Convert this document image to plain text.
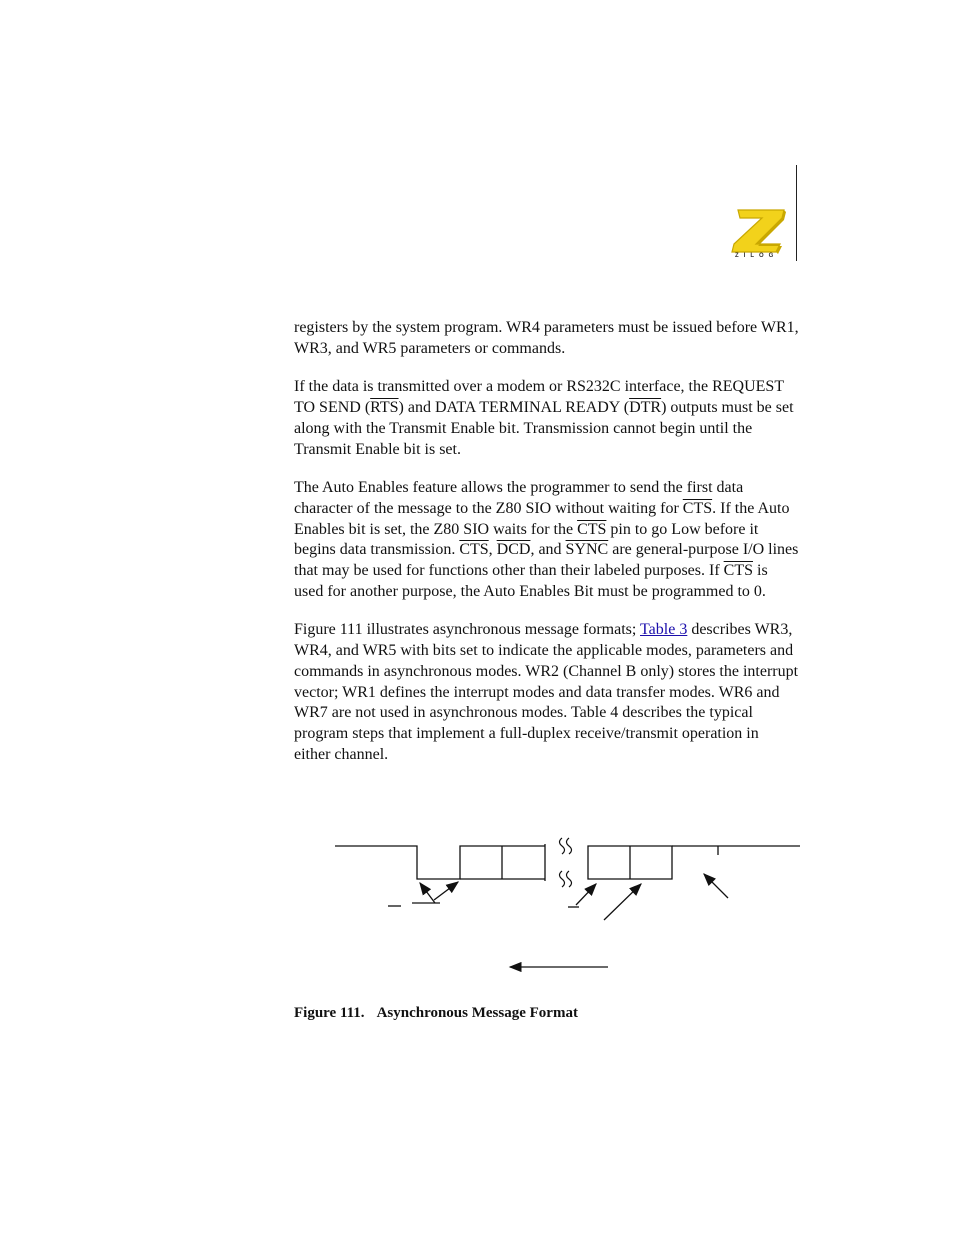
ZILOG

registers by the system program. WR4 parameters must be issued before WR1, WR3, and WR5 parameters or commands.

If the data is transmitted over a modem or RS232C interface, the REQUEST TO SEND $(\overline{RTS})$ and DATA TERMINAL READY $(\overline{DTR})$ outputs must be set along with the Transmit Enable bit. Transmission cannot begin until the Transmit Enable bit is set.

The Auto Enables feature allows the programmer to send the first data character of the message to the Z80 SIO without waiting for $\overline{CTS}$. If the Auto Enables bit is set, the Z80 SIO waits for the $\overline{CTS}$ pin to go Low before it begins data transmission. $\overline{CTS}$, $\overline{DCD}$, and SYNC are general-purpose I/O lines that may be used for functions other than their labeled purposes. If $\overline{CTS}$ is used for another purpose, the Auto Enables Bit must be programmed to 0.

Figure 111 illustrates asynchronous message formats; Table 3 describes WR3, WR4, and WR5 with bits set to indicate the applicable modes, parameters and commands in asynchronous modes. WR2 (Channel B only) stores the interrupt vector; WR1 defines the interrupt modes and data transfer modes. WR6 and WR7 are not used in asynchronous modes. Table 4 describes the typical program steps that implement a full-duplex receive/transmit operation in either channel.

Figure 111. Asynchronous Message Format
